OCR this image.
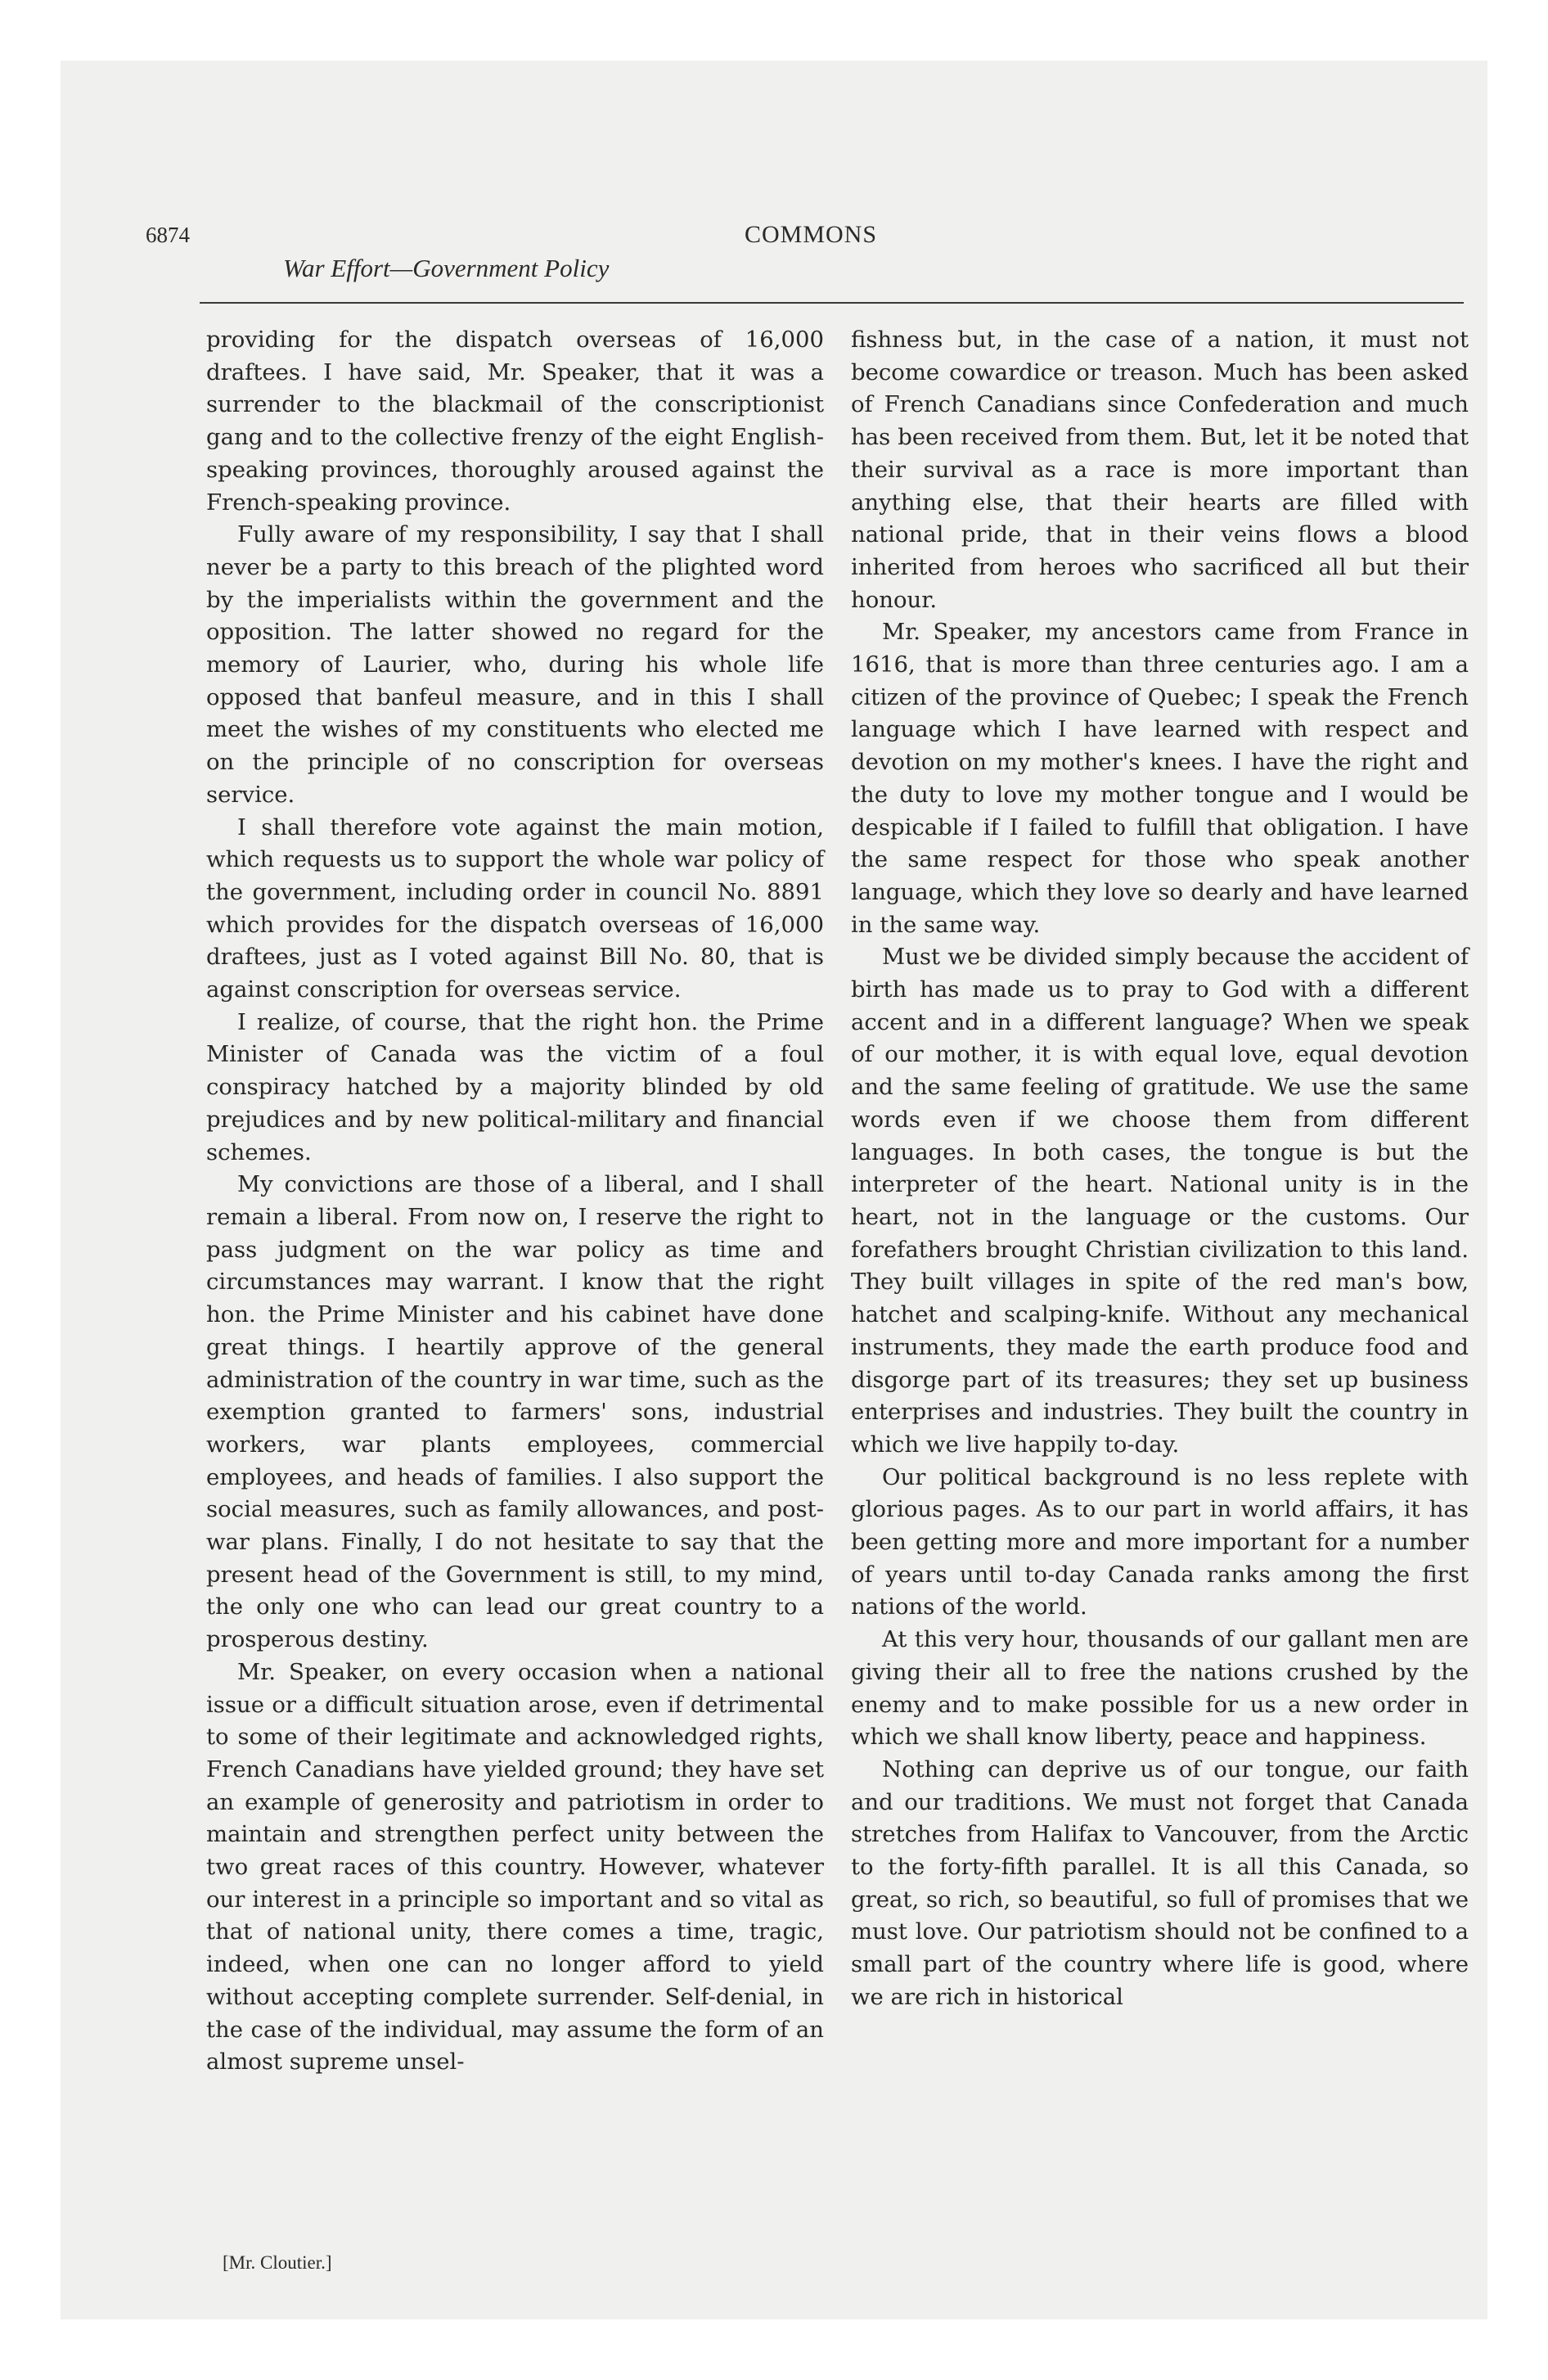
6874	COMMONS
War Effort—Government Policy

providing for the dispatch overseas of 16,000 draftees. I have said, Mr. Speaker, that it was a surrender to the blackmail of the conscriptionist gang and to the collective frenzy of the eight English-speaking provinces, thoroughly aroused against the French-speaking province.

Fully aware of my responsibility, I say that I shall never be a party to this breach of the plighted word by the imperialists within the government and the opposition. The latter showed no regard for the memory of Laurier, who, during his whole life opposed that banfeul measure, and in this I shall meet the wishes of my constituents who elected me on the principle of no conscription for overseas service.

I shall therefore vote against the main motion, which requests us to support the whole war policy of the government, including order in council No. 8891 which provides for the dispatch overseas of 16,000 draftees, just as I voted against Bill No. 80, that is against conscription for overseas service.

I realize, of course, that the right hon. the Prime Minister of Canada was the victim of a foul conspiracy hatched by a majority blinded by old prejudices and by new political-military and financial schemes.

My convictions are those of a liberal, and I shall remain a liberal. From now on, I reserve the right to pass judgment on the war policy as time and circumstances may warrant. I know that the right hon. the Prime Minister and his cabinet have done great things. I heartily approve of the general administration of the country in war time, such as the exemption granted to farmers' sons, industrial workers, war plants employees, commercial employees, and heads of families. I also support the social measures, such as family allowances, and post-war plans. Finally, I do not hesitate to say that the present head of the Government is still, to my mind, the only one who can lead our great country to a prosperous destiny.

Mr. Speaker, on every occasion when a national issue or a difficult situation arose, even if detrimental to some of their legitimate and acknowledged rights, French Canadians have yielded ground; they have set an example of generosity and patriotism in order to maintain and strengthen perfect unity between the two great races of this country. However, whatever our interest in a principle so important and so vital as that of national unity, there comes a time, tragic, indeed, when one can no longer afford to yield without accepting complete surrender. Self-denial, in the case of the individual, may assume the form of an almost supreme unsel-

fishness but, in the case of a nation, it must not become cowardice or treason. Much has been asked of French Canadians since Confederation and much has been received from them. But, let it be noted that their survival as a race is more important than anything else, that their hearts are filled with national pride, that in their veins flows a blood inherited from heroes who sacrificed all but their honour.

Mr. Speaker, my ancestors came from France in 1616, that is more than three centuries ago. I am a citizen of the province of Quebec; I speak the French language which I have learned with respect and devotion on my mother's knees. I have the right and the duty to love my mother tongue and I would be despicable if I failed to fulfill that obligation. I have the same respect for those who speak another language, which they love so dearly and have learned in the same way.

Must we be divided simply because the accident of birth has made us to pray to God with a different accent and in a different language? When we speak of our mother, it is with equal love, equal devotion and the same feeling of gratitude. We use the same words even if we choose them from different languages. In both cases, the tongue is but the interpreter of the heart. National unity is in the heart, not in the language or the customs. Our forefathers brought Christian civilization to this land. They built villages in spite of the red man's bow, hatchet and scalping-knife. Without any mechanical instruments, they made the earth produce food and disgorge part of its treasures; they set up business enterprises and industries. They built the country in which we live happily to-day.

Our political background is no less replete with glorious pages. As to our part in world affairs, it has been getting more and more important for a number of years until to-day Canada ranks among the first nations of the world.

At this very hour, thousands of our gallant men are giving their all to free the nations crushed by the enemy and to make possible for us a new order in which we shall know liberty, peace and happiness.

Nothing can deprive us of our tongue, our faith and our traditions. We must not forget that Canada stretches from Halifax to Vancouver, from the Arctic to the forty-fifth parallel. It is all this Canada, so great, so rich, so beautiful, so full of promises that we must love. Our patriotism should not be confined to a small part of the country where life is good, where we are rich in historical

[Mr. Cloutier.]
